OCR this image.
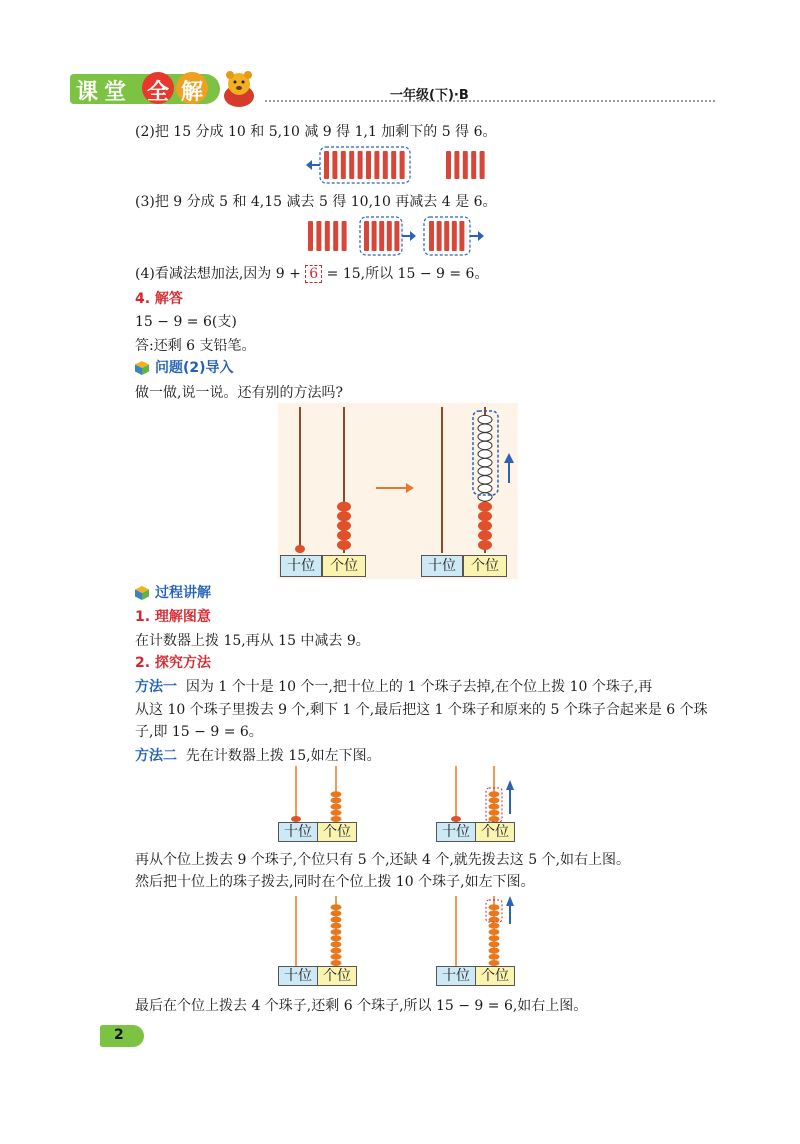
课 堂 全 解	一年级(下)·B
(2)把 15 分成 10 和 5,10 减 9 得 1,1 加剩下的 5 得 6。
(3)把 9 分成 5 和 4,15 减去 5 得 10,10 再减去 4 是 6。
(4)看减法想加法,因为 9 + 6 = 15,所以 15 − 9 = 6。
4. 解答
15 − 9 = 6(支)
答:还剩 6 支铅笔。
问题(2)导入
做一做,说一说。还有别的方法吗?
十位	个位	十位	个位
过程讲解
1. 理解图意
在计数器上拨 15,再从 15 中减去 9。
2. 探究方法
方法一 因为 1 个十是 10 个一,把十位上的 1 个珠子去掉,在个位上拨 10 个珠子,再
从这 10 个珠子里拨去 9 个,剩下 1 个,最后把这 1 个珠子和原来的 5 个珠子合起来是 6 个珠
子,即 15 − 9 = 6。
方法二 先在计数器上拨 15,如左下图。
十位 个位	十位 个位
再从个位上拨去 9 个珠子,个位只有 5 个,还缺 4 个,就先拨去这 5 个,如右上图。
然后把十位上的珠子拨去,同时在个位上拨 10 个珠子,如左下图。
十位 个位	十位 个位
最后在个位上拨去 4 个珠子,还剩 6 个珠子,所以 15 − 9 = 6,如右上图。
2
